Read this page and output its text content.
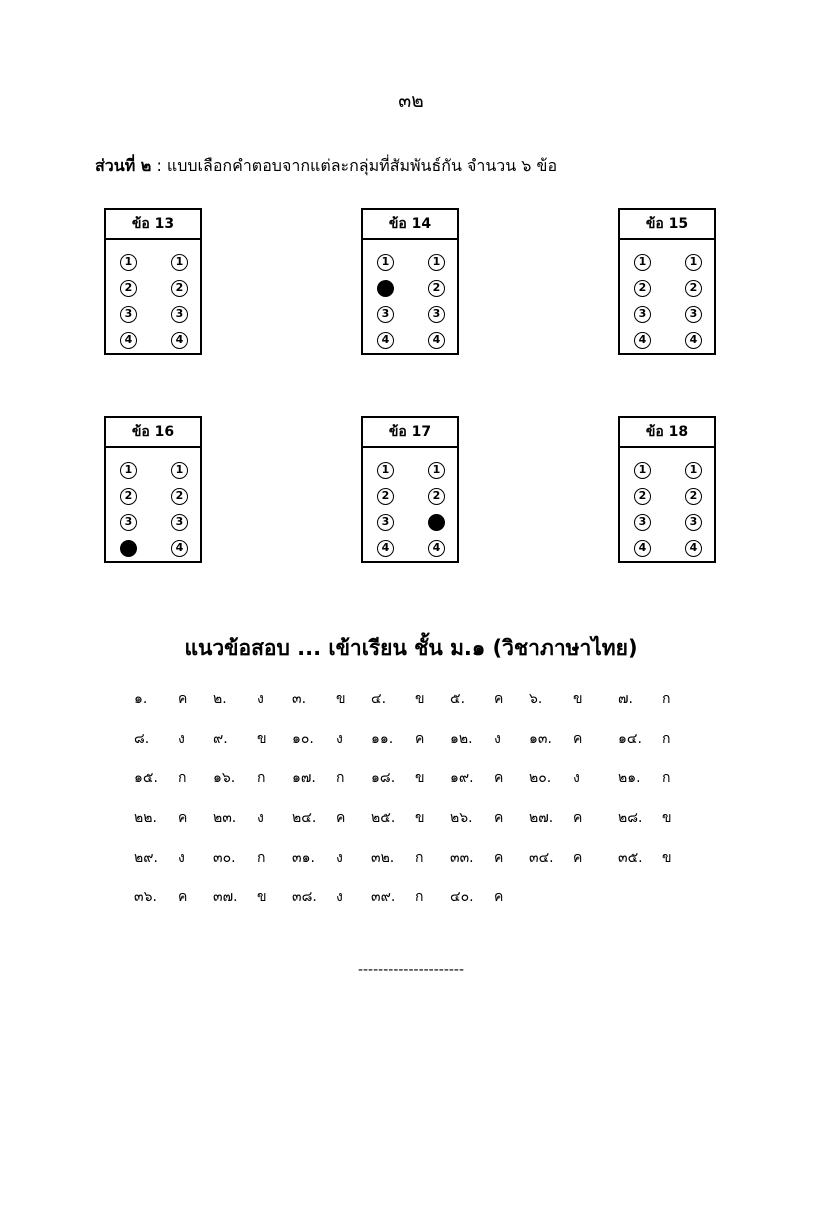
๓๒
ส่วนที่ ๒ : แบบเลือกคำตอบจากแต่ละกลุ่มที่สัมพันธ์กัน จำนวน ๖ ข้อ
ข้อ 13
1
2
3
4
1
2
3
4
ข้อ 14
1
3
4
1
2
3
4
ข้อ 15
1
2
3
4
1
2
3
4
ข้อ 16
1
2
3
1
2
3
4
ข้อ 17
1
2
3
4
1
2
4
ข้อ 18
1
2
3
4
1
2
3
4
แนวข้อสอบ ... เข้าเรียน ชั้น ม.๑ (วิชาภาษาไทย)
๑. ค ๒. ง ๓. ข ๔. ข ๕. ค ๖. ข	๗. ก
๘. ง ๙. ข ๑๐. ง ๑๑. ค ๑๒. ง ๑๓. ค	๑๔. ก
๑๕. ก ๑๖. ก ๑๗. ก ๑๘. ข ๑๙. ค ๒๐. ง	๒๑. ก
๒๒. ค ๒๓. ง ๒๔. ค ๒๕. ข ๒๖. ค ๒๗. ค	๒๘. ข
๒๙. ง ๓๐. ก ๓๑. ง ๓๒. ก ๓๓. ค ๓๔. ค	๓๕. ข
๓๖. ค ๓๗. ข ๓๘. ง ๓๙. ก ๔๐. ค
---------------------
